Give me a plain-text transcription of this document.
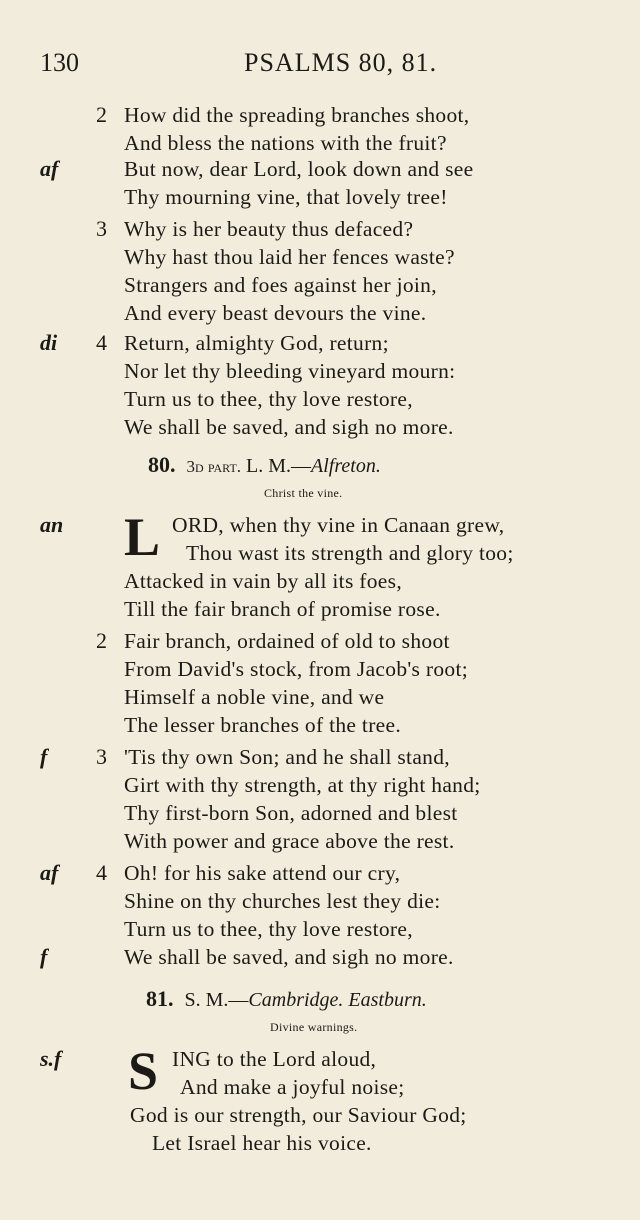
130	PSALMS 80, 81.
2 How did the spreading branches shoot,
And bless the nations with the fruit?
af	But now, dear Lord, look down and see
Thy mourning vine, that lovely tree!
3 Why is her beauty thus defaced?
Why hast thou laid her fences waste?
Strangers and foes against her join,
And every beast devours the vine.
di 4 Return, almighty God, return;
Nor let thy bleeding vineyard mourn:
Turn us to thee, thy love restore,
We shall be saved, and sigh no more.
80. 3d part. L. M.—Alfreton.
Christ the vine.
an L ORD, when thy vine in Canaan grew,
Thou wast its strength and glory too;
Attacked in vain by all its foes,
Till the fair branch of promise rose.
2 Fair branch, ordained of old to shoot
From David's stock, from Jacob's root;
Himself a noble vine, and we
The lesser branches of the tree.
f 3 'Tis thy own Son; and he shall stand,
Girt with thy strength, at thy right hand;
Thy first-born Son, adorned and blest
With power and grace above the rest.
af 4 Oh! for his sake attend our cry,
Shine on thy churches lest they die:
Turn us to thee, thy love restore,
f	We shall be saved, and sigh no more.
81. S. M.—Cambridge. Eastburn.
Divine warnings.
s.f S ING to the Lord aloud,
And make a joyful noise;
God is our strength, our Saviour God;
Let Israel hear his voice.
